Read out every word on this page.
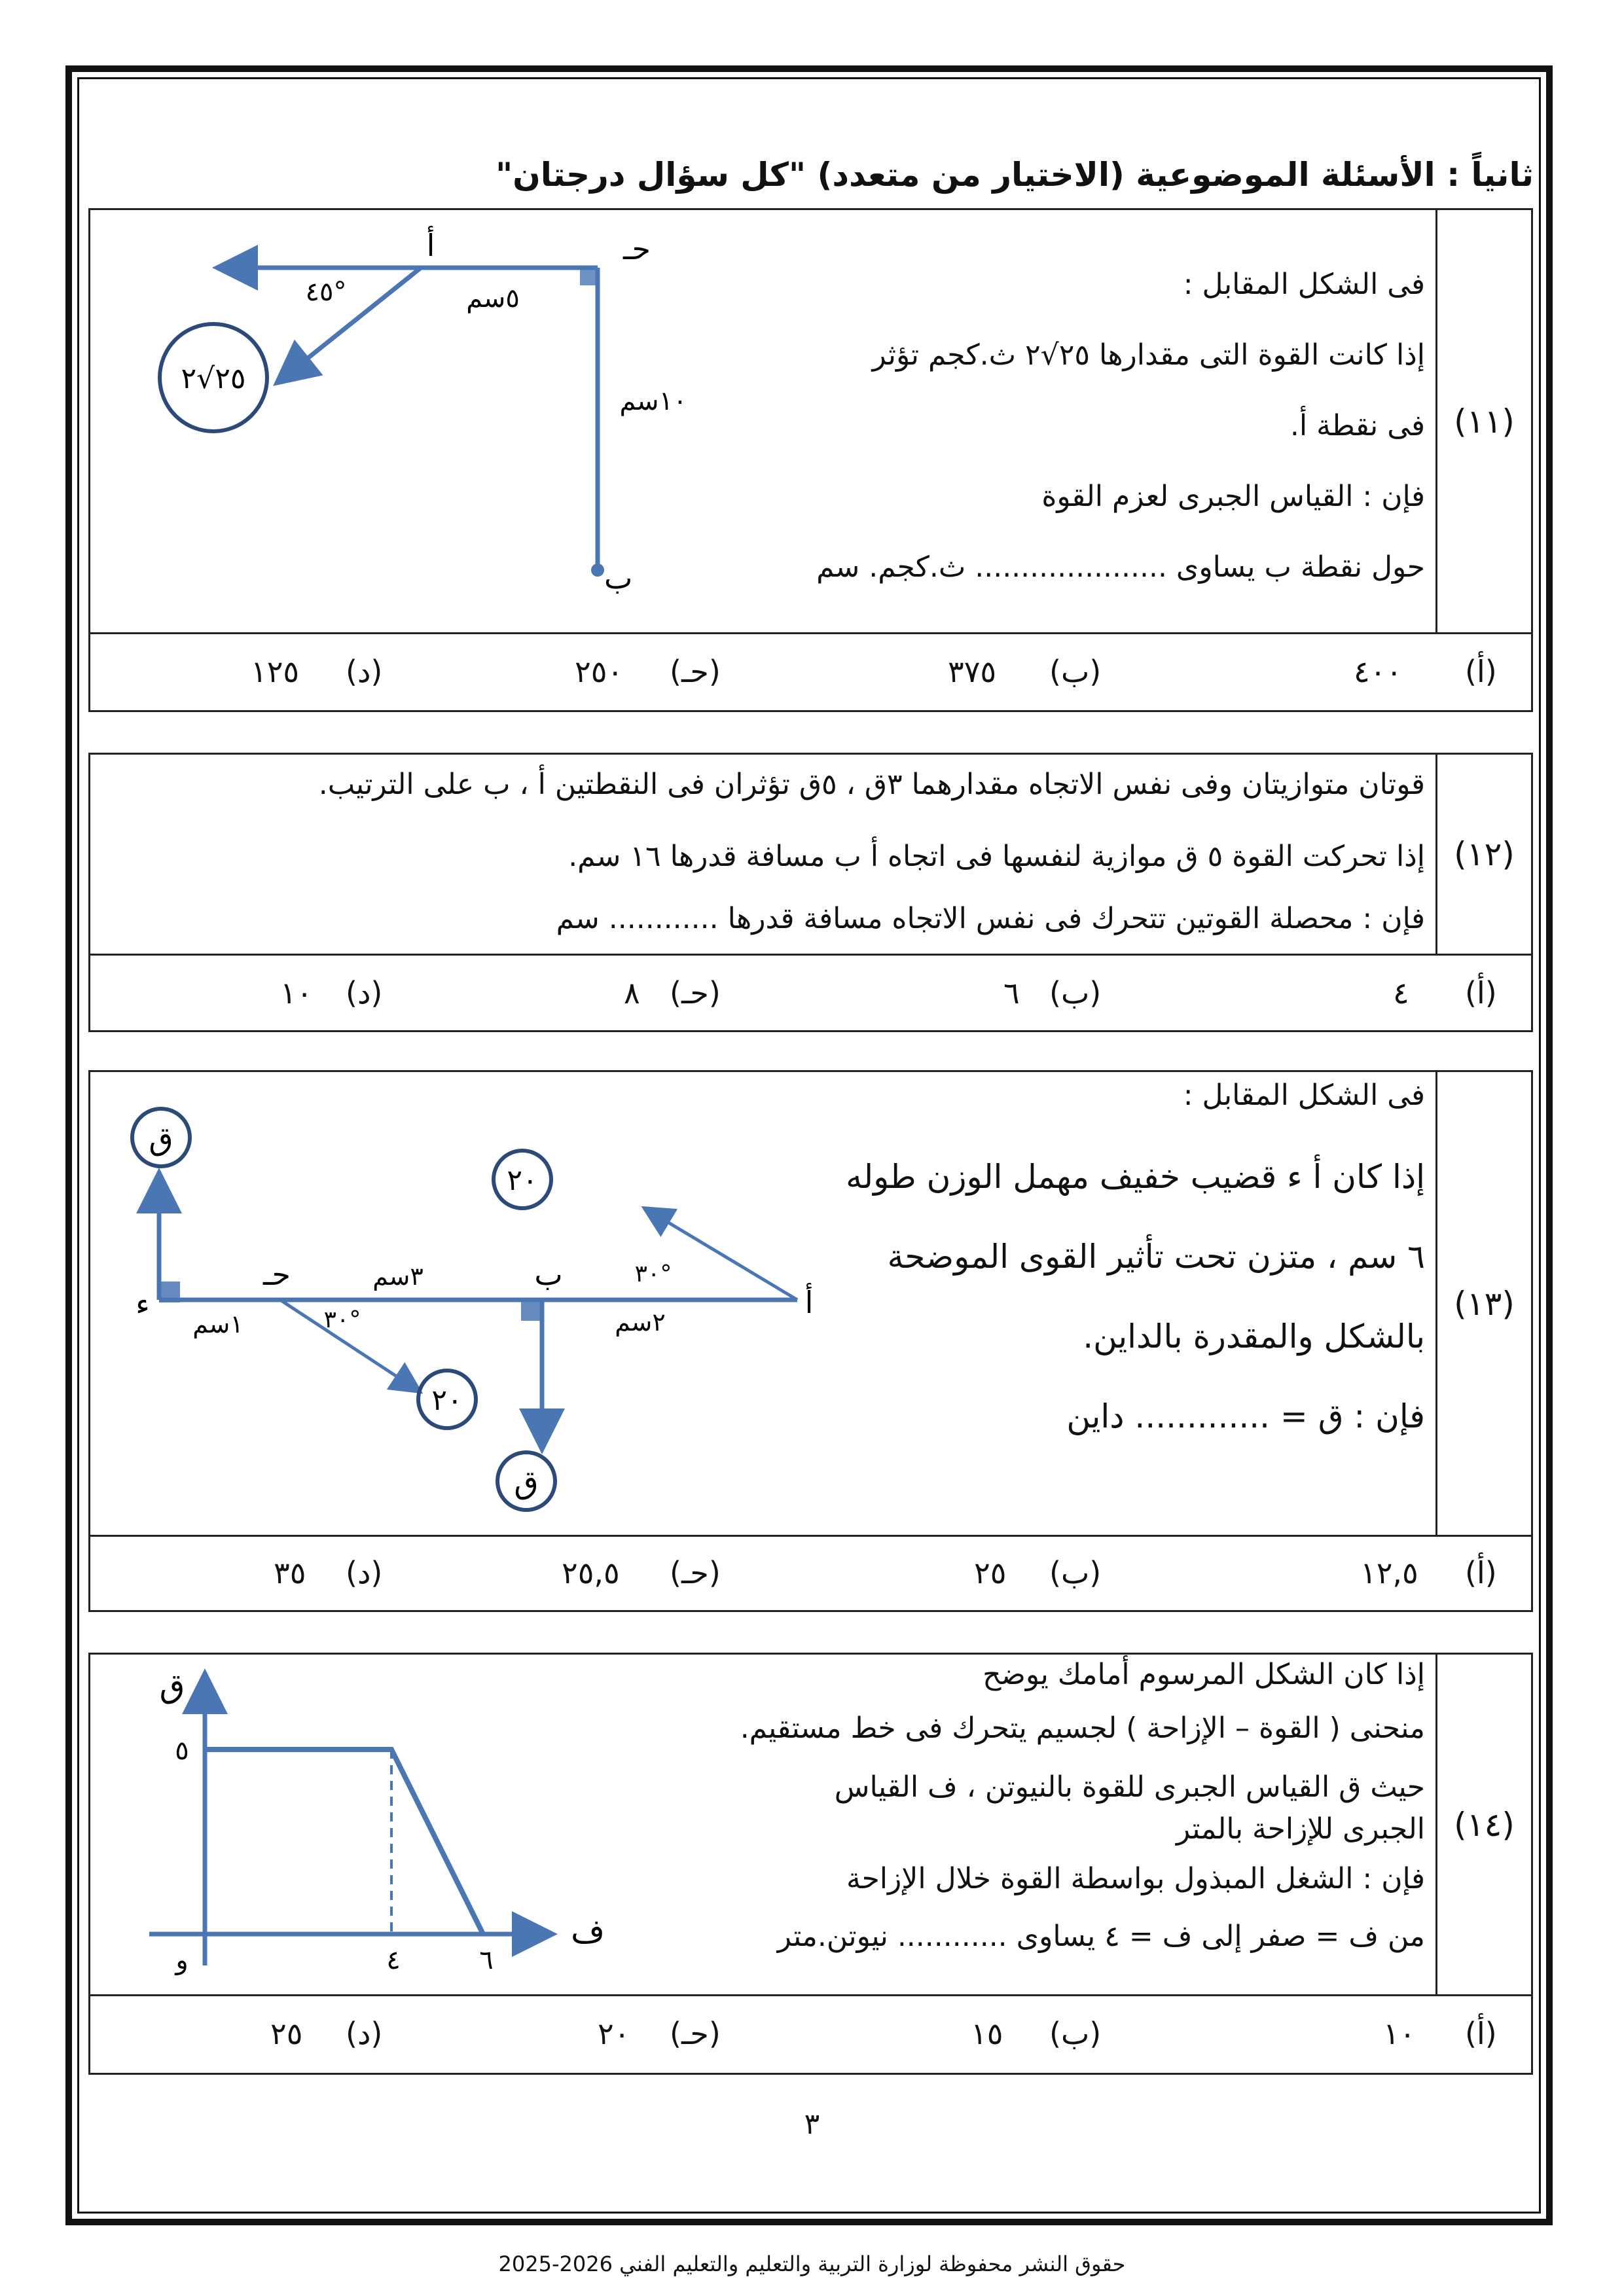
ثانياً : الأسئلة الموضوعية (الاختيار من متعدد) "كل سؤال درجتان"
(١١)
فى الشكل المقابل :
إذا كانت القوة التى مقدارها ٢٥√٢ ث.كجم تؤثر
فى نقطة ﺃ.
فإن : القياس الجبرى لعزم القوة
حول نقطة ب يساوى ..................... ث.كجم. سم
٢٥√٢
أ	حـ
ب
٥سم
١٠سم
٤٥°
(ﺃ)
٤٠٠
(ب)
٣٧٥
(حـ)
٢٥٠
(د)
١٢٥
(١٢)
قوتان متوازيتان وفى نفس الاتجاه مقدارهما ٣ق ، ٥ق تؤثران فى النقطتين ﺃ ، ب على الترتيب.
إذا تحركت القوة ٥ ق موازية لنفسها فى اتجاه ﺃ ب مسافة قدرها ١٦ سم.
فإن : محصلة القوتين تتحرك فى نفس الاتجاه مسافة قدرها ............ سم
(ﺃ)
٤
(ب)
٦
(حـ)
٨
(د)
١٠
(١٣)
فى الشكل المقابل :
إذا كان ﺃ ء قضيب خفيف مهمل الوزن طوله
٦ سم ، متزن تحت تأثير القوى الموضحة
بالشكل والمقدرة بالداين.
فإن : ق = ............. داين
ق
ق
٢٠
٢٠
أ
ب
حـ
ء
٢سم
٣سم
١سم
٣٠°
٣٠°
(ﺃ)
١٢,٥
(ب)
٢٥
(حـ)
٢٥,٥
(د)
٣٥
(١٤)
إذا كان الشكل المرسوم أمامك يوضح
منحنى ( القوة – الإزاحة ) لجسيم يتحرك فى خط مستقيم.
حيث ق القياس الجبرى للقوة بالنيوتن ، ف القياس
الجبرى للإزاحة بالمتر
فإن : الشغل المبذول بواسطة القوة خلال الإزاحة
من ف = صفر إلى ف = ٤ يساوى ............ نيوتن.متر
ق
ف
و
٥
٤	٦
(ﺃ)
١٠
(ب)
١٥
(حـ)
٢٠
(د)
٢٥
٣
حقوق النشر محفوظة لوزارة التربية والتعليم والتعليم الفني 2026-2025
